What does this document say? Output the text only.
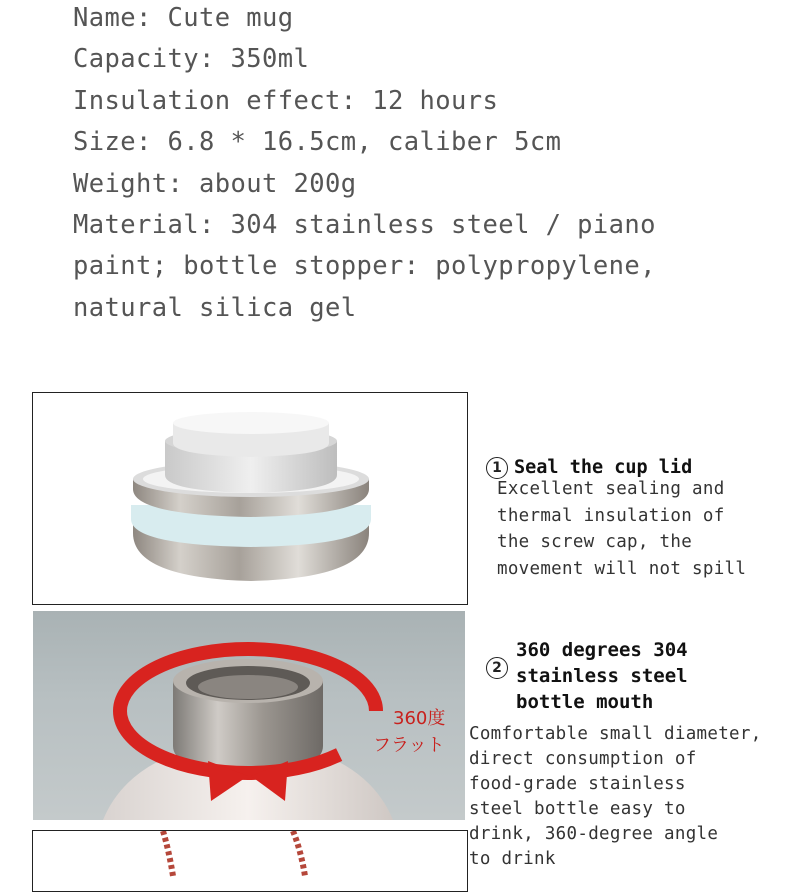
Name: Cute mug
Capacity: 350ml
Insulation effect: 12 hours
Size: 6.8 * 16.5cm, caliber 5cm
Weight: about 200g
Material: 304 stainless steel / piano
paint; bottle stopper: polypropylene,
natural silica gel
1 Seal the cup lid
Excellent sealing and
thermal insulation of
the screw cap, the
movement will not spill
360度
フラット
2
360 degrees 304
stainless steel
bottle mouth
Comfortable small diameter,
direct consumption of
food-grade stainless
steel bottle easy to
drink, 360-degree angle
to drink
